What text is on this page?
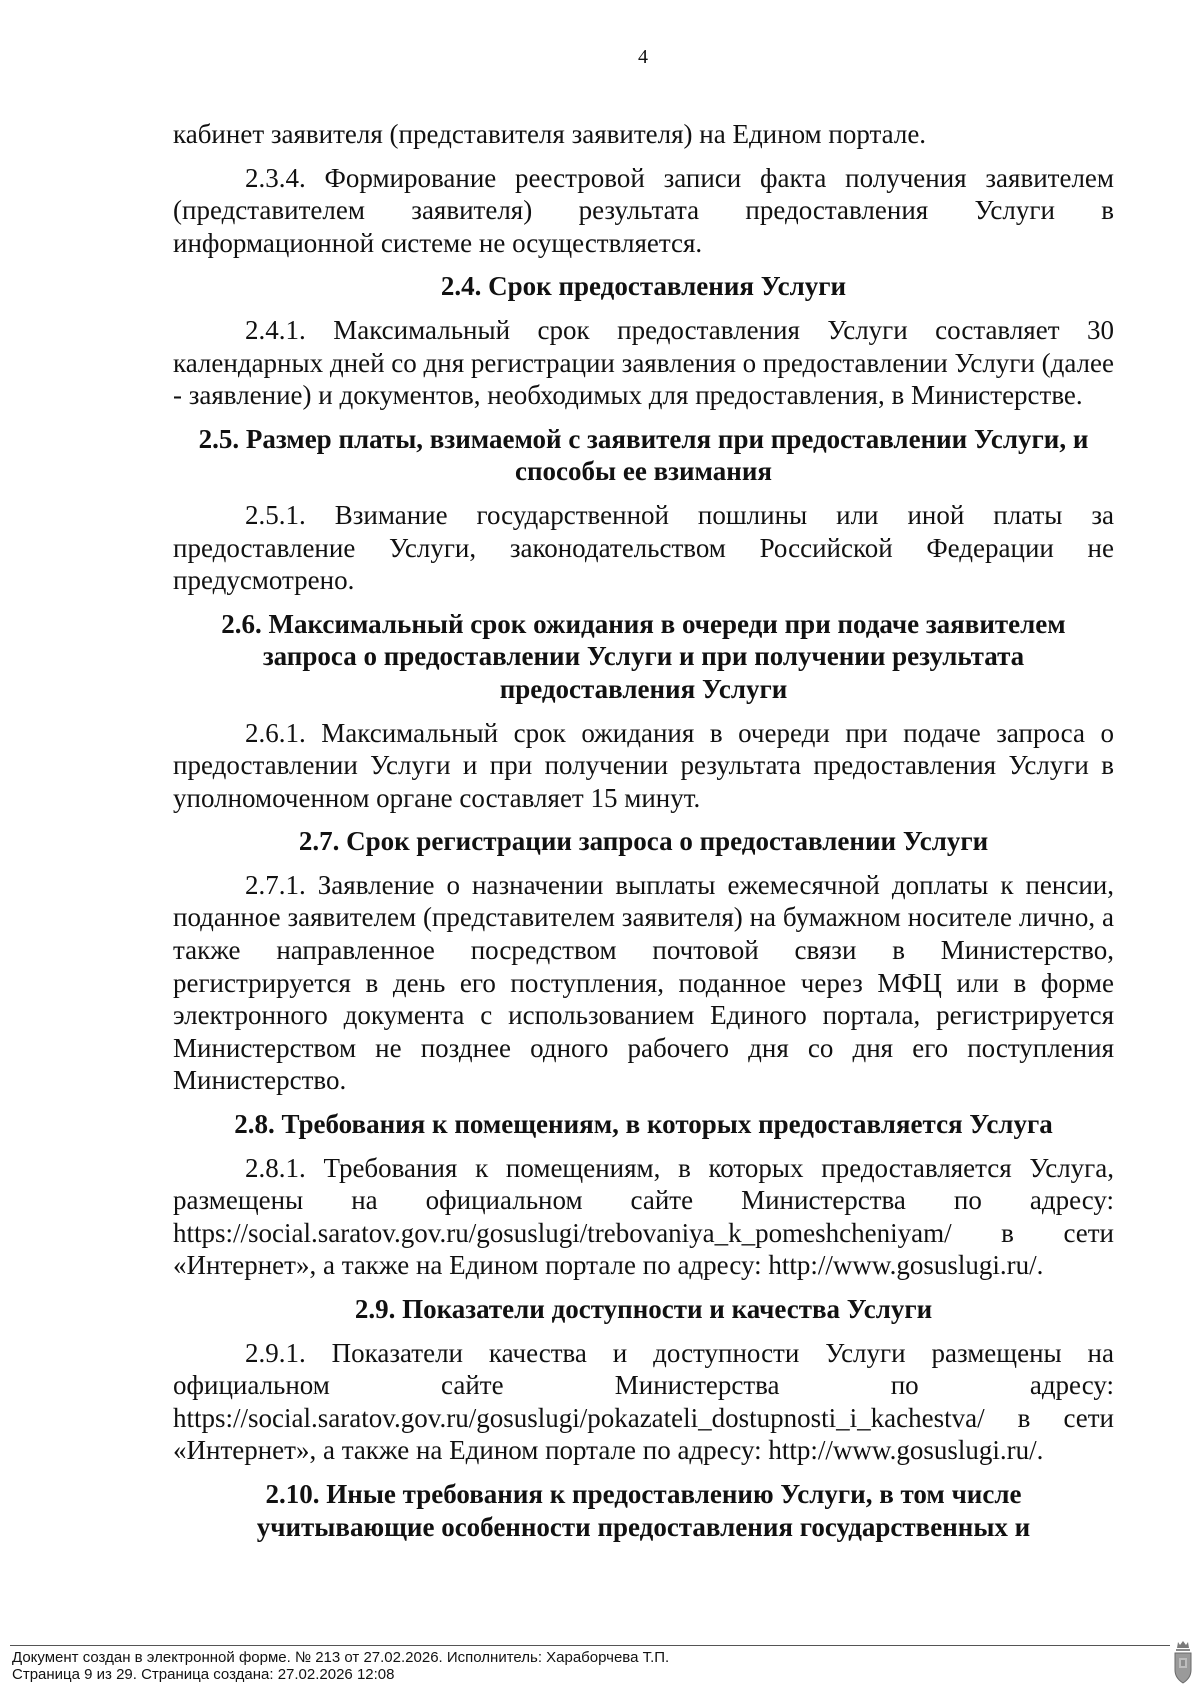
4

кабинет заявителя (представителя заявителя) на Едином портале.

2.3.4. Формирование реестровой записи факта получения заявителем (представителем заявителя) результата предоставления Услуги в информационной системе не осуществляется.

2.4. Срок предоставления Услуги

2.4.1. Максимальный срок предоставления Услуги составляет 30 календарных дней со дня регистрации заявления о предоставлении Услуги (далее - заявление) и документов, необходимых для предоставления, в Министерстве.

2.5. Размер платы, взимаемой с заявителя при предоставлении Услуги, и
способы ее взимания

2.5.1. Взимание государственной пошлины или иной платы за предоставление Услуги, законодательством Российской Федерации не предусмотрено.

2.6. Максимальный срок ожидания в очереди при подаче заявителем
запроса о предоставлении Услуги и при получении результата
предоставления Услуги

2.6.1. Максимальный срок ожидания в очереди при подаче запроса о предоставлении Услуги и при получении результата предоставления Услуги в уполномоченном органе составляет 15 минут.

2.7. Срок регистрации запроса о предоставлении Услуги

2.7.1. Заявление о назначении выплаты ежемесячной доплаты к пенсии, поданное заявителем (представителем заявителя) на бумажном носителе лично, а также направленное посредством почтовой связи в Министерство, регистрируется в день его поступления, поданное через МФЦ или в форме электронного документа с использованием Единого портала, регистрируется Министерством не позднее одного рабочего дня со дня его поступления Министерство.

2.8. Требования к помещениям, в которых предоставляется Услуга

2.8.1. Требования к помещениям, в которых предоставляется Услуга, размещены на официальном сайте Министерства по адресу: https://social.saratov.gov.ru/gosuslugi/trebovaniya_k_pomeshcheniyam/ в сети «Интернет», а также на Едином портале по адресу: http://www.gosuslugi.ru/.

2.9. Показатели доступности и качества Услуги

2.9.1. Показатели качества и доступности Услуги размещены на официальном сайте Министерства по адресу: https://social.saratov.gov.ru/gosuslugi/pokazateli_dostupnosti_i_kachestva/ в сети «Интернет», а также на Едином портале по адресу: http://www.gosuslugi.ru/.

2.10. Иные требования к предоставлению Услуги, в том числе
учитывающие особенности предоставления государственных и
Документ создан в электронной форме. № 213 от 27.02.2026. Исполнитель: Хараборчева Т.П.
Страница 9 из 29. Страница создана: 27.02.2026 12:08
